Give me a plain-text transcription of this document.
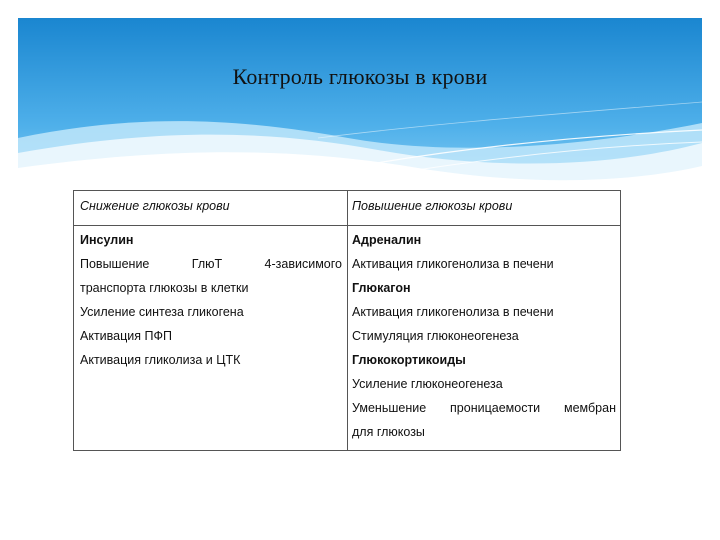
Контроль глюкозы в крови
Снижение глюкозы крови
Инсулин
Повышение	ГлюТ	4-зависимого
транспорта глюкозы в клетки
Усиление синтеза гликогена
Активация ПФП
Активация гликолиза и ЦТК
Повышение глюкозы крови
Адреналин
Активация гликогенолиза в печени
Глюкагон
Активация гликогенолиза в печени
Стимуляция глюконеогенеза
Глюкокортикоиды
Усиление глюконеогенеза
Уменьшение проницаемости мембран
для глюкозы
